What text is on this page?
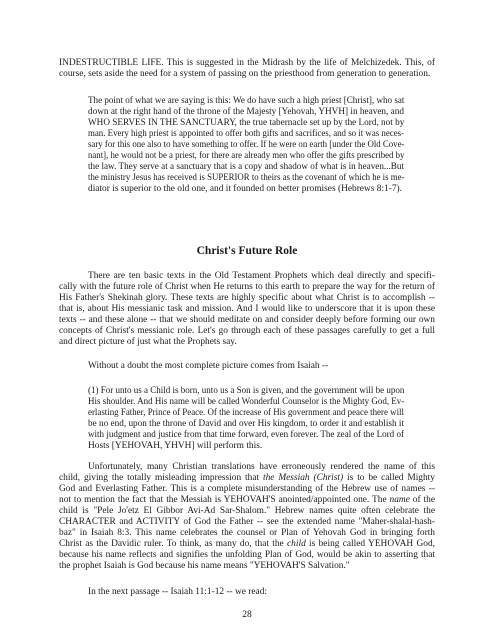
INDESTRUCTIBLE LIFE. This is suggested in the Midrash by the life of Melchizedek. This, of
course, sets aside the need for a system of passing on the priesthood from generation to generation.

The point of what we are saying is this: We do have such a high priest [Christ], who sat
down at the right hand of the throne of the Majesty [Yehovah, YHVH] in heaven, and
WHO SERVES IN THE SANCTUARY, the true tabernacle set up by the Lord, not by
man. Every high priest is appointed to offer both gifts and sacrifices, and so it was neces-
sary for this one also to have something to offer. If he were on earth [under the Old Cove-
nant], he would not be a priest, for there are already men who offer the gifts prescribed by
the law. They serve at a sanctuary that is a copy and shadow of what is in heaven...But
the ministry Jesus has received is SUPERIOR to theirs as the covenant of which he is me-
diator is superior to the old one, and it founded on better promises (Hebrews 8:1-7).

Christ's Future Role

There are ten basic texts in the Old Testament Prophets which deal directly and specifi-
cally with the future role of Christ when He returns to this earth to prepare the way for the return of
His Father's Shekinah glory. These texts are highly specific about what Christ is to accomplish --
that is, about His messianic task and mission. And I would like to underscore that it is upon these
texts -- and these alone -- that we should meditate on and consider deeply before forming our own
concepts of Christ's messianic role. Let's go through each of these passages carefully to get a full
and direct picture of just what the Prophets say.

Without a doubt the most complete picture comes from Isaiah --

(1) For unto us a Child is born, unto us a Son is given, and the government will be upon
His shoulder. And His name will be called Wonderful Counselor is the Mighty God, Ev-
erlasting Father, Prince of Peace. Of the increase of His government and peace there will
be no end, upon the throne of David and over His kingdom, to order it and establish it
with judgment and justice from that time forward, even forever. The zeal of the Lord of
Hosts [YEHOVAH, YHVH] will perform this.

Unfortunately, many Christian translations have erroneously rendered the name of this
child, giving the totally misleading impression that the Messiah (Christ) is to be called Mighty
God and Everlasting Father. This is a complete misunderstanding of the Hebrew use of names --
not to mention the fact that the Messiah is YEHOVAH'S anointed/appointed one. The name of the
child is "Pele Jo'etz El Gibbor Avi-Ad Sar-Shalom." Hebrew names quite often celebrate the
CHARACTER and ACTIVITY of God the Father -- see the extended name "Maher-shalal-hash-
baz" in Isaiah 8:3. This name celebrates the counsel or Plan of Yehovah God in bringing forth
Christ as the Davidic ruler. To think, as many do, that the child is being called YEHOVAH God,
because his name reflects and signifies the unfolding Plan of God, would be akin to asserting that
the prophet Isaiah is God because his name means "YEHOVAH'S Salvation."

In the next passage -- Isaiah 11:1-12 -- we read:

28
